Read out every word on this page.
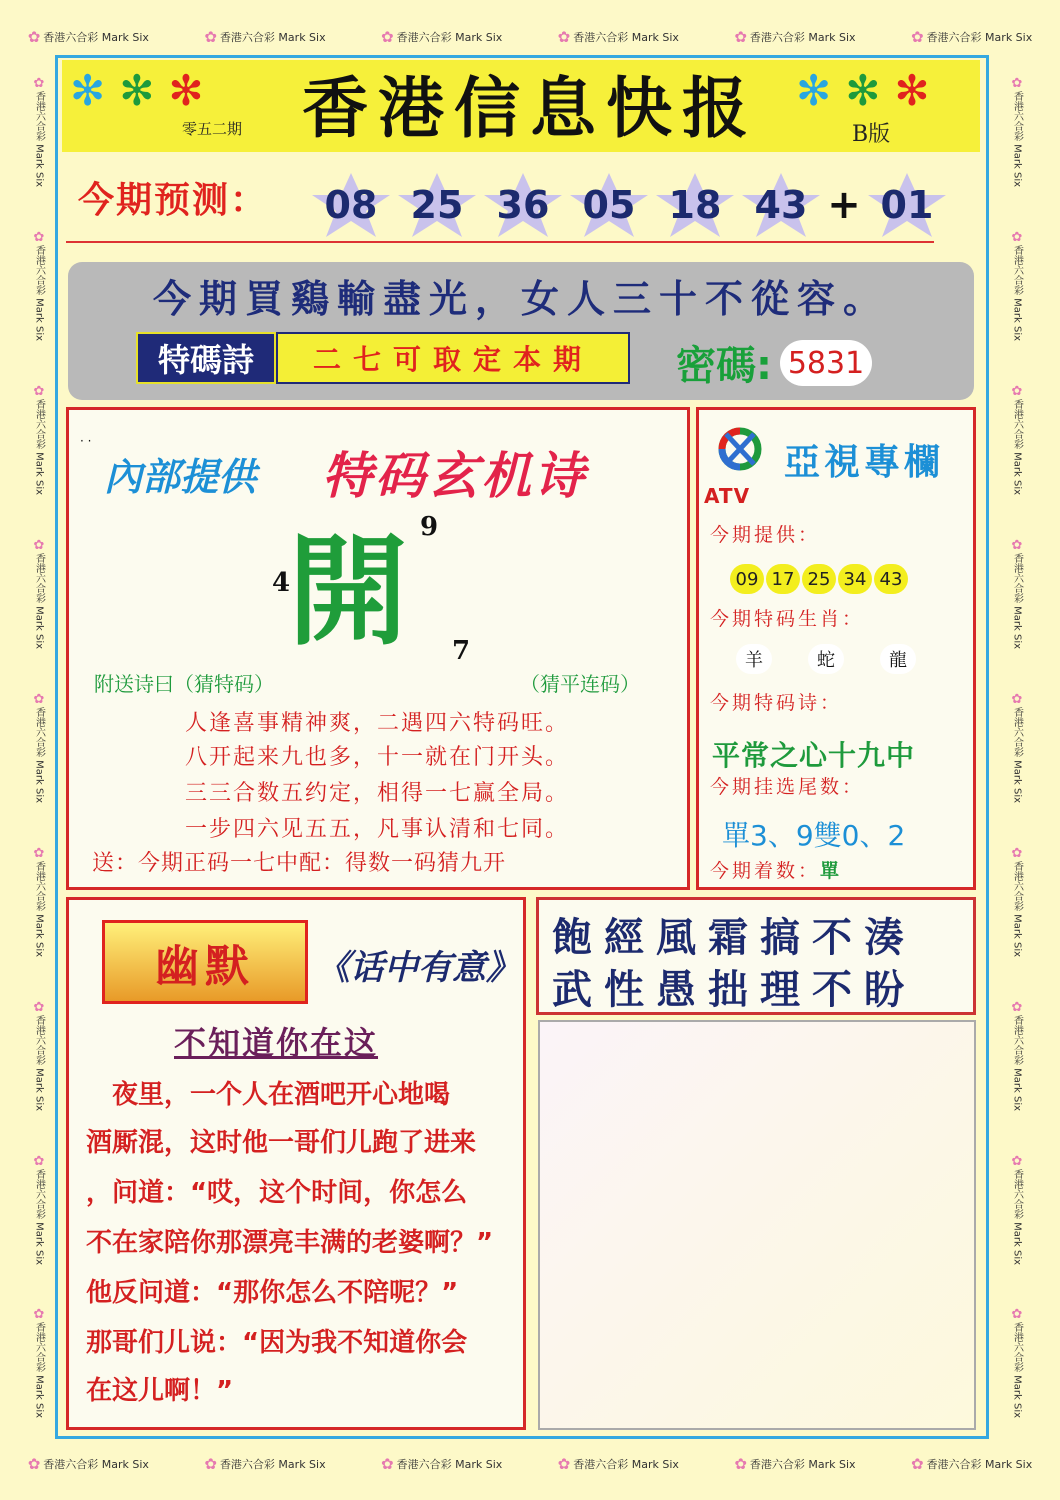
✿ 香港六合彩 Mark Six	✿ 香港六合彩 Mark Six	✿ 香港六合彩 Mark Six	✿ 香港六合彩 Mark Six	✿ 香港六合彩 Mark Six	✿ 香港六合彩 Mark Six
✿ 香港六合彩 Mark Six	✿ 香港六合彩 Mark Six	✿ 香港六合彩 Mark Six	✿ 香港六合彩 Mark Six	✿ 香港六合彩 Mark Six	✿ 香港六合彩 Mark Six
✿香港六合彩 Mark Six
✿香港六合彩 Mark Six
✿香港六合彩 Mark Six
✿香港六合彩 Mark Six
✿香港六合彩 Mark Six
✿香港六合彩 Mark Six
✿香港六合彩 Mark Six
✿香港六合彩 Mark Six
✿香港六合彩 Mark Six
✿香港六合彩 Mark Six
✿香港六合彩 Mark Six
✿香港六合彩 Mark Six
✿香港六合彩 Mark Six
✿香港六合彩 Mark Six
✿香港六合彩 Mark Six
✿香港六合彩 Mark Six
✿香港六合彩 Mark Six
✿香港六合彩 Mark Six
✻ ✻ ✻	✻ ✻ ✻
香港信息快报
零五二期	B版
今期预测： 08 25 36 05 18 43 + 01
今期買鷄輸盡光，女人三十不從容。
特碼詩	二七可取定本期	密碼: 5831
· ·
內部提供 特码玄机诗
開 9
4
7
附送诗曰（猜特码）	（猜平连码）
人逢喜事精神爽，二遇四六特码旺。
八开起来九也多，十一就在门开头。
三三合数五约定，相得一七赢全局。
一步四六见五五，凡事认清和七同。
送：今期正码一七中配：得数一码猜九开
ATV
亞視專欄
今期提供：
09 17 25 34 43
今期特码生肖：
羊	蛇	龍
今期特码诗：
平常之心十九中
今期挂选尾数：
單3、9雙0、2
今期着数：單
幽默	《话中有意》
不知道你在这
　夜里，一个人在酒吧开心地喝
酒厮混，这时他一哥们儿跑了进来
，问道：“哎，这个时间，你怎么
不在家陪你那漂亮丰满的老婆啊？”
他反问道：“那你怎么不陪呢？”
那哥们儿说：“因为我不知道你会
在这儿啊！”
飽經風霜搞不湊
武性愚拙理不盼
